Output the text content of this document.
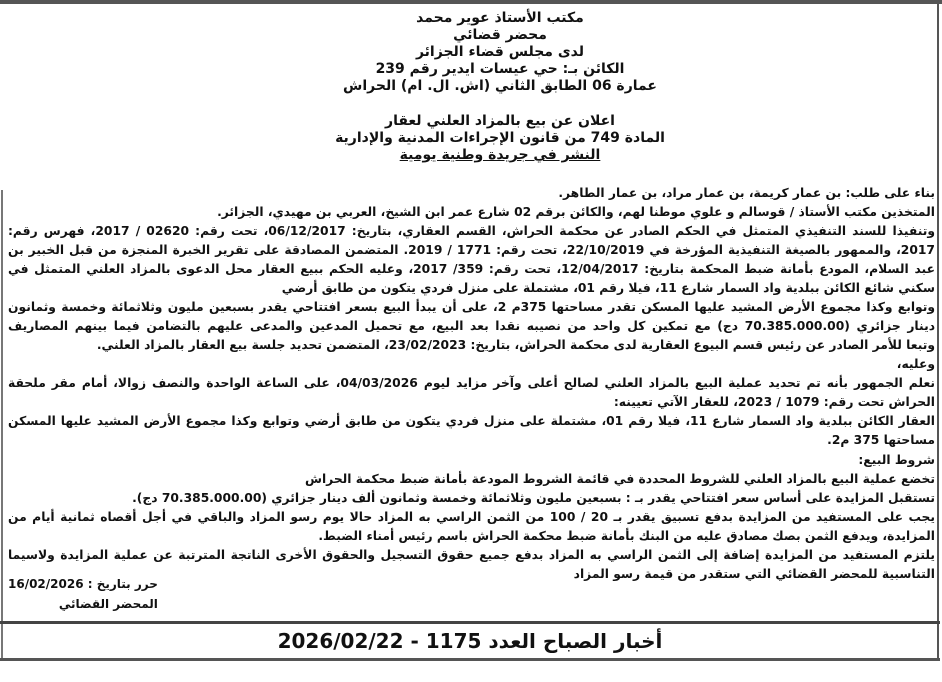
مكتب الأستاذ عوير محمد
محضر قضائي
لدى مجلس قضاء الجزائر
الكائن بـ: حي عيسات ايدير رقم 239
عمارة 06 الطابق الثاني (اش. ال. ام) الحراش
اعلان عن بيع بالمزاد العلني لعقار
المادة 749 من قانون الإجراءات المدنية والإدارية
النشر في جريدة وطنية يومية
بناء على طلب: بن عمار كريمة، بن عمار مراد، بن عمار الطاهر.
المتخذين مكتب الأستاذ / قوسالم و علوي موطنا لهم، والكائن برقم 02 شارع عمر ابن الشيخ، العربي بن مهيدي، الجزائر.
وتنفيذا للسند التنفيذي المتمثل في الحكم الصادر عن محكمة الحراش، القسم العقاري، بتاريخ: 06/12/2017، تحت رقم: 02620 / 2017، فهرس رقم:
2017، والممهور بالصيغة التنفيذية المؤرخة في 22/10/2019، تحت رقم: 1771 / 2019. المتضمن المصادقة على تقرير الخبرة المنجزة من قبل الخبير بن
عبد السلام، المودع بأمانة ضبط المحكمة بتاريخ: 12/04/2017، تحت رقم: 359/ 2017، وعليه الحكم ببيع العقار محل الدعوى بالمزاد العلني المتمثل في
سكني شائع الكائن ببلدية واد السمار شارع 11، فيلا رقم 01، مشتملة على منزل فردي يتكون من طابق أرضي
وتوابع وكذا مجموع الأرض المشيد عليها المسكن تقدر مساحتها 375م 2، على أن يبدأ البيع بسعر افتتاحي يقدر بسبعين مليون وثلاثمائة وخمسة وثمانون
دينار جزائري (70.385.000.00 دج) مع تمكين كل واحد من نصيبه نقدا بعد البيع، مع تحميل المدعين والمدعى عليهم بالتضامن فيما بينهم المصاريف
وتبعا للأمر الصادر عن رئيس قسم البيوع العقارية لدى محكمة الحراش، بتاريخ: 23/02/2023، المتضمن تحديد جلسة بيع العقار بالمزاد العلني.
وعليه،
نعلم الجمهور بأنه تم تحديد عملية البيع بالمزاد العلني لصالح أعلى وآخر مزايد ليوم 04/03/2026، على الساعة الواحدة والنصف زوالا، أمام مقر ملحقة
الحراش تحت رقم: 1079 / 2023، للعقار الآتي تعيينه:
العقار الكائن ببلدية واد السمار شارع 11، فيلا رقم 01، مشتملة على منزل فردي يتكون من طابق أرضي وتوابع وكذا مجموع الأرض المشيد عليها المسكن
مساحتها 375 م2.
شروط البيع:
تخضع عملية البيع بالمزاد العلني للشروط المحددة في قائمة الشروط المودعة بأمانة ضبط محكمة الحراش
تستقبل المزايدة على أساس سعر افتتاحي يقدر بـ : بسبعين مليون وثلاثمائة وخمسة وثمانون ألف دينار جزائري (70.385.000.00 دج).
يجب على المستفيد من المزايدة بدفع تسبيق يقدر بـ 20 / 100 من الثمن الراسي به المزاد حالا يوم رسو المزاد والباقي في أجل أقصاه ثمانية أيام من
المزايدة، ويدفع الثمن بصك مصادق عليه من البنك بأمانة ضبط محكمة الحراش باسم رئيس أمناء الضبط.
يلتزم المستفيد من المزايدة إضافة إلى الثمن الراسي به المزاد بدفع جميع حقوق التسجيل والحقوق الأخرى الناتجة المترتبة عن عملية المزايدة ولاسيما
التناسبية للمحضر القضائي التي ستقدر من قيمة رسو المزاد
حرر بتاريخ : 16/02/2026
المحضر القضائي
أخبار الصباح العدد 1175 - 2026/02/22
